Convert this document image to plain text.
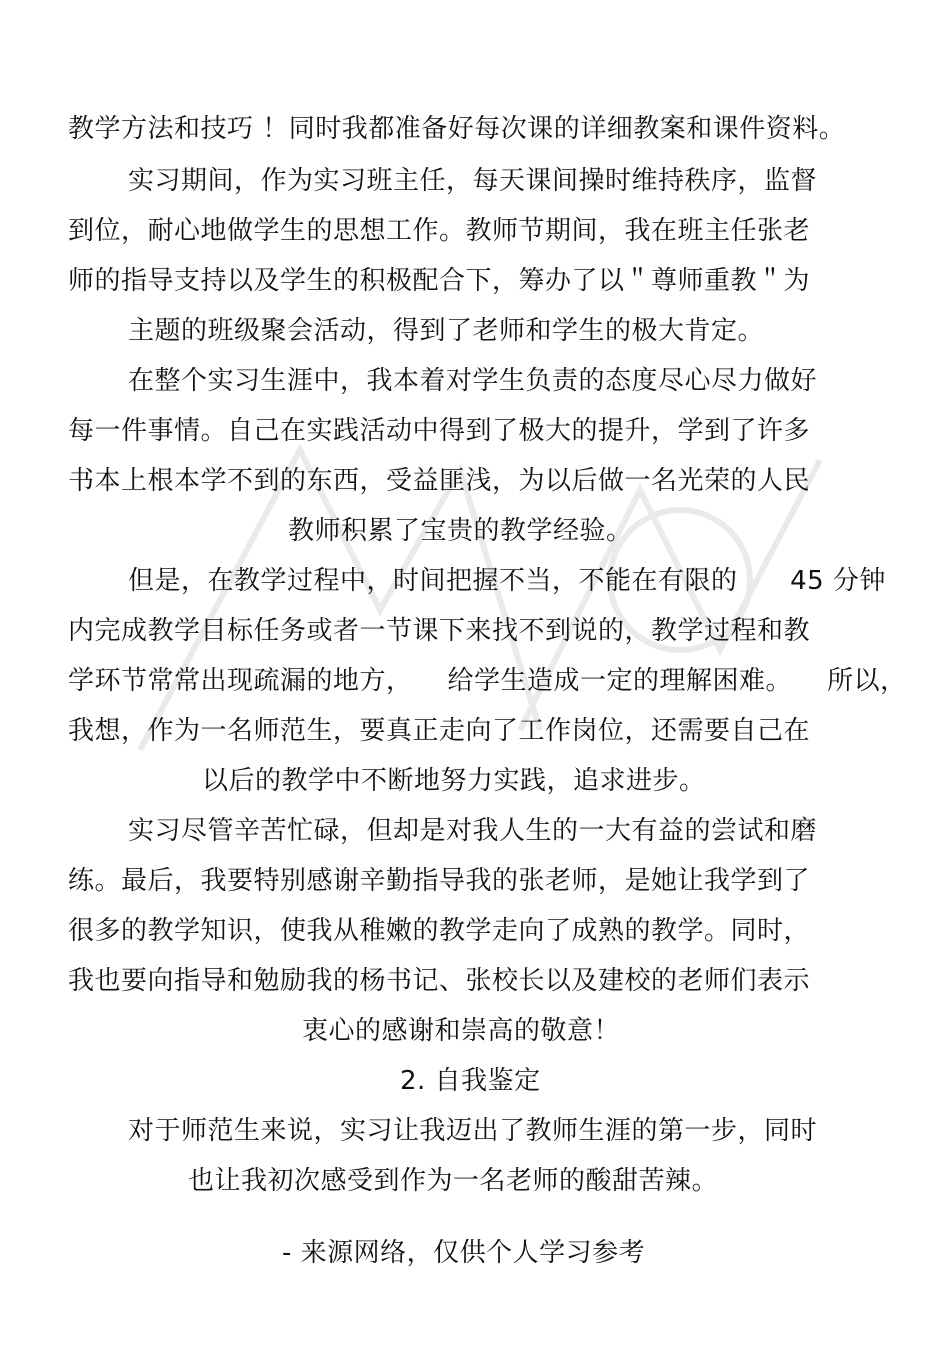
教学方法和技巧 ！同时我都准备好每次课的详细教案和课件资料。
实习期间，作为实习班主任，每天课间操时维持秩序，监督
到位，耐心地做学生的思想工作。教师节期间，我在班主任张老
师的指导支持以及学生的积极配合下，筹办了以＂尊师重教＂为
主题的班级聚会活动，得到了老师和学生的极大肯定。
在整个实习生涯中，我本着对学生负责的态度尽心尽力做好
每一件事情。自己在实践活动中得到了极大的提升，学到了许多
书本上根本学不到的东西，受益匪浅，为以后做一名光荣的人民
教师积累了宝贵的教学经验。
但是，在教学过程中，时间把握不当，不能在有限的      45 分钟
内完成教学目标任务或者一节课下来找不到说的，教学过程和教
学环节常常出现疏漏的地方，    给学生造成一定的理解困难。    所以，
我想，作为一名师范生，要真正走向了工作岗位，还需要自己在
以后的教学中不断地努力实践，追求进步。
实习尽管辛苦忙碌，但却是对我人生的一大有益的尝试和磨
练。最后，我要特别感谢辛勤指导我的张老师，是她让我学到了
很多的教学知识，使我从稚嫩的教学走向了成熟的教学。同时，
我也要向指导和勉励我的杨书记、张校长以及建校的老师们表示
衷心的感谢和崇高的敬意！
2. 自我鉴定
对于师范生来说，实习让我迈出了教师生涯的第一步，同时
也让我初次感受到作为一名老师的酸甜苦辣。
- 来源网络，仅供个人学习参考
